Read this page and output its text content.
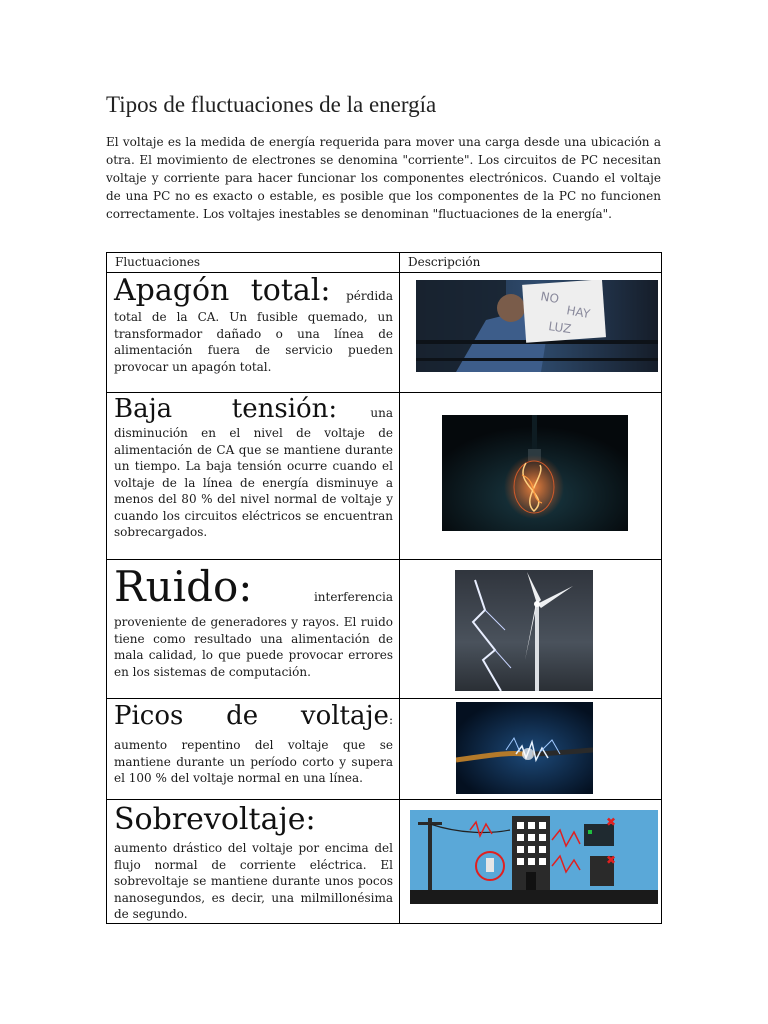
Tipos de fluctuaciones de la energía

El voltaje es la medida de energía requerida para mover una carga desde una ubicación a otra. El movimiento de electrones se denomina "corriente". Los circuitos de PC necesitan voltaje y corriente para hacer funcionar los componentes electrónicos. Cuando el voltaje de una PC no es exacto o estable, es posible que los componentes de la PC no funcionen correctamente. Los voltajes inestables se denominan "fluctuaciones de la energía".

Fluctuaciones	Descripción

Apagón total: pérdida total de la CA. Un fusible quemado, un transformador dañado o una línea de alimentación fuera de servicio pueden provocar un apagón total.	NO
HAY
LUZ

Baja tensión: una disminución en el nivel de voltaje de alimentación de CA que se mantiene durante un tiempo. La baja tensión ocurre cuando el voltaje de la línea de energía disminuye a menos del 80 % del nivel normal de voltaje y cuando los circuitos eléctricos se encuentran sobrecargados.

Ruido: interferencia proveniente de generadores y rayos. El ruido tiene como resultado una alimentación de mala calidad, lo que puede provocar errores en los sistemas de computación.

Picos de voltaje:
aumento repentino del voltaje que se mantiene durante un período corto y supera el 100 % del voltaje normal en una línea.

Sobrevoltaje:
aumento drástico del voltaje por encima del flujo normal de corriente eléctrica. El sobrevoltaje se mantiene durante unos pocos nanosegundos, es decir, una milmillonésima de segundo.	✖
✖
